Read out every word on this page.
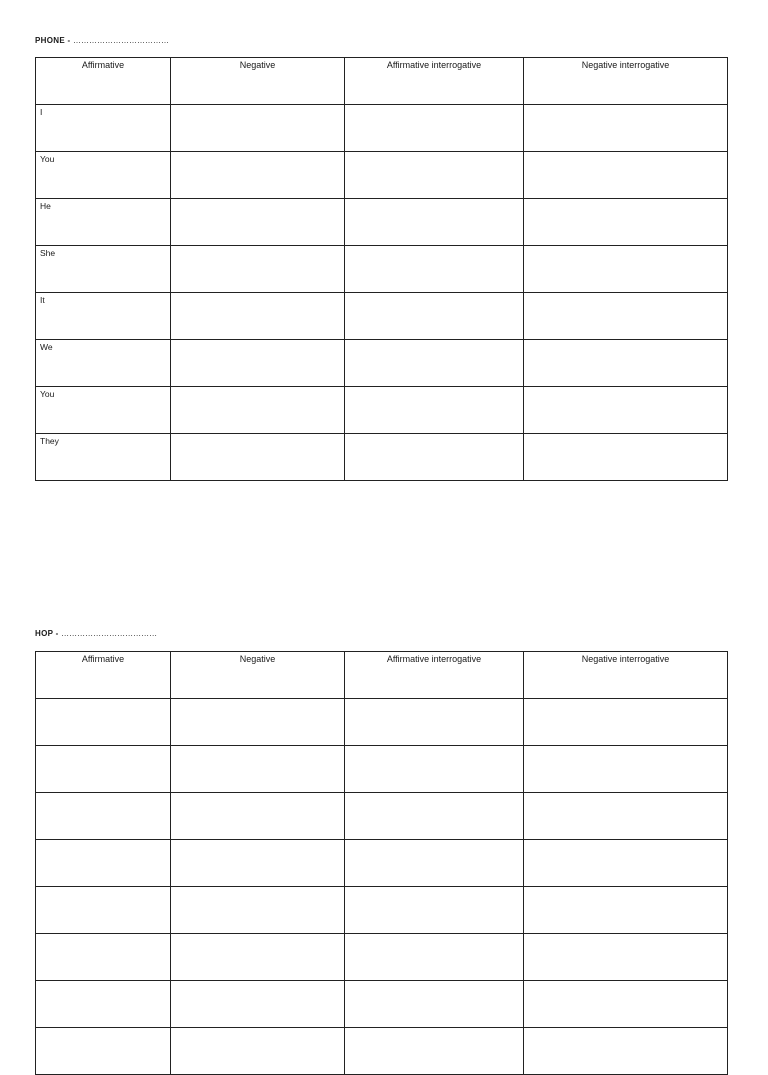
PHONE - ………………………………
Affirmative	Negative	Affirmative interrogative	Negative interrogative
I			
You			
He			
She			
It			
We			
You			
They			
HOP - ………………………………
Affirmative	Negative	Affirmative interrogative	Negative interrogative
